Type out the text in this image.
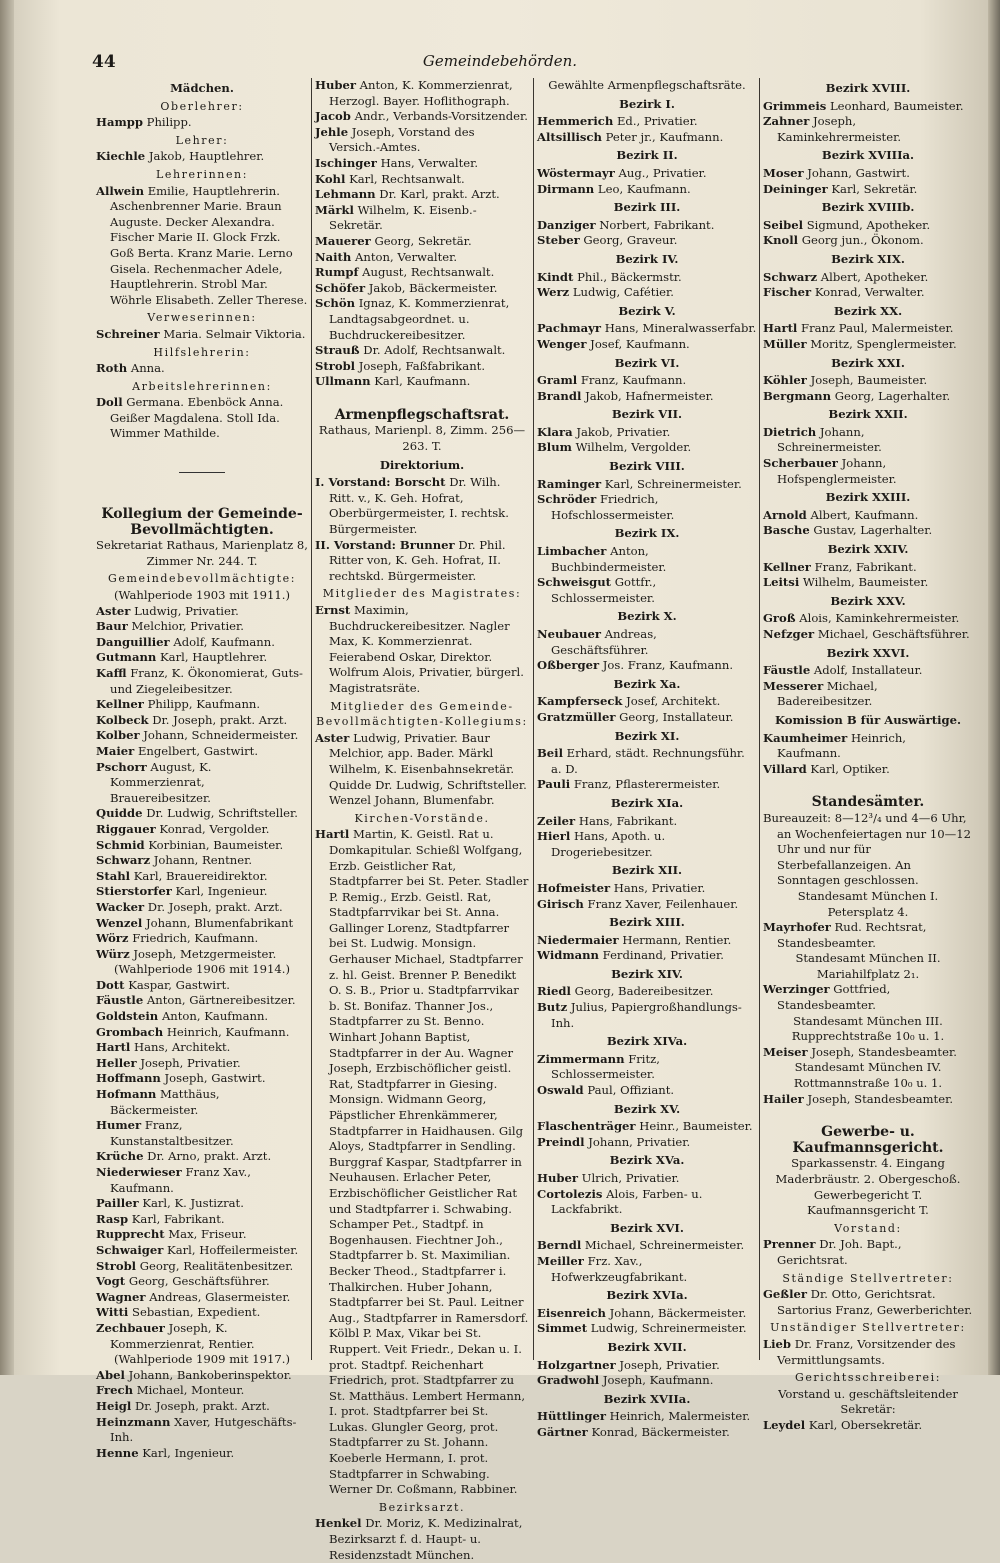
44	Gemeindebehörden.
Mädchen.
Oberlehrer:
Hampp Philipp.
Lehrer:
Kiechle Jakob, Hauptlehrer.
Lehrerinnen:
Allwein Emilie, Hauptlehrerin. Aschenbrenner Marie. Braun Auguste. Decker Alexandra. Fischer Marie II. Glock Frzk. Goß Berta. Kranz Marie. Lerno Gisela. Rechenmacher Adele, Hauptlehrerin. Strobl Mar. Wöhrle Elisabeth. Zeller Therese.
Verweserinnen:
Schreiner Maria. Selmair Viktoria.
Hilfslehrerin:
Roth Anna.
Arbeitslehrerinnen:
Doll Germana. Ebenböck Anna. Geißer Magdalena. Stoll Ida. Wimmer Mathilde.
Kollegium der Gemeinde-Bevollmächtigten.
Sekretariat Rathaus, Marienplatz 8, Zimmer Nr. 244. T.
Gemeindebevollmächtigte:
(Wahlperiode 1903 mit 1911.)
Aster Ludwig, Privatier.
Baur Melchior, Privatier.
Danguillier Adolf, Kaufmann.
Gutmann Karl, Hauptlehrer.
Kaffl Franz, K. Ökonomierat, Guts- und Ziegeleibesitzer.
Kellner Philipp, Kaufmann.
Kolbeck Dr. Joseph, prakt. Arzt.
Kolber Johann, Schneidermeister.
Maier Engelbert, Gastwirt.
Pschorr August, K. Kommerzienrat, Brauereibesitzer.
Quidde Dr. Ludwig, Schriftsteller.
Riggauer Konrad, Vergolder.
Schmid Korbinian, Baumeister.
Schwarz Johann, Rentner.
Stahl Karl, Brauereidirektor.
Stierstorfer Karl, Ingenieur.
Wacker Dr. Joseph, prakt. Arzt.
Wenzel Johann, Blumenfabrikant
Wörz Friedrich, Kaufmann.
Würz Joseph, Metzgermeister.
(Wahlperiode 1906 mit 1914.)
Dott Kaspar, Gastwirt.
Fäustle Anton, Gärtnereibesitzer.
Goldstein Anton, Kaufmann.
Grombach Heinrich, Kaufmann.
Hartl Hans, Architekt.
Heller Joseph, Privatier.
Hoffmann Joseph, Gastwirt.
Hofmann Matthäus, Bäckermeister.
Humer Franz, Kunstanstaltbesitzer.
Krüche Dr. Arno, prakt. Arzt.
Niederwieser Franz Xav., Kaufmann.
Pailler Karl, K. Justizrat.
Rasp Karl, Fabrikant.
Rupprecht Max, Friseur.
Schwaiger Karl, Hoffeilermeister.
Strobl Georg, Realitätenbesitzer.
Vogt Georg, Geschäftsführer.
Wagner Andreas, Glasermeister.
Witti Sebastian, Expedient.
Zechbauer Joseph, K. Kommerzienrat, Rentier.
(Wahlperiode 1909 mit 1917.)
Abel Johann, Bankoberinspektor.
Frech Michael, Monteur.
Heigl Dr. Joseph, prakt. Arzt.
Heinzmann Xaver, Hutgeschäfts-Inh.
Henne Karl, Ingenieur.
Huber Anton, K. Kommerzienrat, Herzogl. Bayer. Hoflithograph.
Jacob Andr., Verbands-Vorsitzender.
Jehle Joseph, Vorstand des Versich.-Amtes.
Ischinger Hans, Verwalter.
Kohl Karl, Rechtsanwalt.
Lehmann Dr. Karl, prakt. Arzt.
Märkl Wilhelm, K. Eisenb.-Sekretär.
Mauerer Georg, Sekretär.
Naith Anton, Verwalter.
Rumpf August, Rechtsanwalt.
Schöfer Jakob, Bäckermeister.
Schön Ignaz, K. Kommerzienrat, Landtagsabgeordnet. u. Buchdruckereibesitzer.
Strauß Dr. Adolf, Rechtsanwalt.
Strobl Joseph, Faßfabrikant.
Ullmann Karl, Kaufmann.
Armenpflegschaftsrat.
Rathaus, Marienpl. 8, Zimm. 256—263. T.
Direktorium.
I. Vorstand: Borscht Dr. Wilh. Ritt. v., K. Geh. Hofrat, Oberbürgermeister, I. rechtsk. Bürgermeister.
II. Vorstand: Brunner Dr. Phil. Ritter von, K. Geh. Hofrat, II. rechtskd. Bürgermeister.
Mitglieder des Magistrates:
Ernst Maximin, Buchdruckereibesitzer. Nagler Max, K. Kommerzienrat. Feierabend Oskar, Direktor. Wolfrum Alois, Privatier, bürgerl. Magistratsräte.
Mitglieder des Gemeinde-Bevollmächtigten-Kollegiums:
Aster Ludwig, Privatier. Baur Melchior, app. Bader. Märkl Wilhelm, K. Eisenbahnsekretär. Quidde Dr. Ludwig, Schriftsteller. Wenzel Johann, Blumenfabr.
Kirchen-Vorstände.
Hartl Martin, K. Geistl. Rat u. Domkapitular. Schießl Wolfgang, Erzb. Geistlicher Rat, Stadtpfarrer bei St. Peter. Stadler P. Remig., Erzb. Geistl. Rat, Stadtpfarrvikar bei St. Anna. Gallinger Lorenz, Stadtpfarrer bei St. Ludwig. Monsign. Gerhauser Michael, Stadtpfarrer z. hl. Geist. Brenner P. Benedikt O. S. B., Prior u. Stadtpfarrvikar b. St. Bonifaz. Thanner Jos., Stadtpfarrer zu St. Benno. Winhart Johann Baptist, Stadtpfarrer in der Au. Wagner Joseph, Erzbischöflicher geistl. Rat, Stadtpfarrer in Giesing. Monsign. Widmann Georg, Päpstlicher Ehrenkämmerer, Stadtpfarrer in Haidhausen. Gilg Aloys, Stadtpfarrer in Sendling. Burggraf Kaspar, Stadtpfarrer in Neuhausen. Erlacher Peter, Erzbischöflicher Geistlicher Rat und Stadtpfarrer i. Schwabing. Schamper Pet., Stadtpf. in Bogenhausen. Fiechtner Joh., Stadtpfarrer b. St. Maximilian. Becker Theod., Stadtpfarrer i. Thalkirchen. Huber Johann, Stadtpfarrer bei St. Paul. Leitner Aug., Stadtpfarrer in Ramersdorf. Kölbl P. Max, Vikar bei St. Ruppert. Veit Friedr., Dekan u. I. prot. Stadtpf. Reichenhart Friedrich, prot. Stadtpfarrer zu St. Matthäus. Lembert Hermann, I. prot. Stadtpfarrer bei St. Lukas. Glungler Georg, prot. Stadtpfarrer zu St. Johann. Koeberle Hermann, I. prot. Stadtpfarrer in Schwabing. Werner Dr. Coßmann, Rabbiner.
Bezirksarzt.
Henkel Dr. Moriz, K. Medizinalrat, Bezirksarzt f. d. Haupt- u. Residenzstadt München.
Gewählte Armenpflegschaftsräte.
Bezirk I.
Hemmerich Ed., Privatier.
Altsillisch Peter jr., Kaufmann.
Bezirk II.
Wöstermayr Aug., Privatier.
Dirmann Leo, Kaufmann.
Bezirk III.
Danziger Norbert, Fabrikant.
Steber Georg, Graveur.
Bezirk IV.
Kindt Phil., Bäckermstr.
Werz Ludwig, Cafétier.
Bezirk V.
Pachmayr Hans, Mineralwasserfabr.
Wenger Josef, Kaufmann.
Bezirk VI.
Graml Franz, Kaufmann.
Brandl Jakob, Hafnermeister.
Bezirk VII.
Klara Jakob, Privatier.
Blum Wilhelm, Vergolder.
Bezirk VIII.
Raminger Karl, Schreinermeister.
Schröder Friedrich, Hofschlossermeister.
Bezirk IX.
Limbacher Anton, Buchbindermeister.
Schweisgut Gottfr., Schlossermeister.
Bezirk X.
Neubauer Andreas, Geschäftsführer.
Oßberger Jos. Franz, Kaufmann.
Bezirk Xa.
Kampferseck Josef, Architekt.
Gratzmüller Georg, Installateur.
Bezirk XI.
Beil Erhard, städt. Rechnungsführ. a. D.
Pauli Franz, Pflasterermeister.
Bezirk XIa.
Zeiler Hans, Fabrikant.
Hierl Hans, Apoth. u. Drogeriebesitzer.
Bezirk XII.
Hofmeister Hans, Privatier.
Girisch Franz Xaver, Feilenhauer.
Bezirk XIII.
Niedermaier Hermann, Rentier.
Widmann Ferdinand, Privatier.
Bezirk XIV.
Riedl Georg, Badereibesitzer.
Butz Julius, Papiergroßhandlungs-Inh.
Bezirk XIVa.
Zimmermann Fritz, Schlossermeister.
Oswald Paul, Offiziant.
Bezirk XV.
Flaschenträger Heinr., Baumeister.
Preindl Johann, Privatier.
Bezirk XVa.
Huber Ulrich, Privatier.
Cortolezis Alois, Farben- u. Lackfabrikt.
Bezirk XVI.
Berndl Michael, Schreinermeister.
Meiller Frz. Xav., Hofwerkzeugfabrikant.
Bezirk XVIa.
Eisenreich Johann, Bäckermeister.
Simmet Ludwig, Schreinermeister.
Bezirk XVII.
Holzgartner Joseph, Privatier.
Gradwohl Joseph, Kaufmann.
Bezirk XVIIa.
Hüttlinger Heinrich, Malermeister.
Gärtner Konrad, Bäckermeister.
Bezirk XVIII.
Grimmeis Leonhard, Baumeister.
Zahner Joseph, Kaminkehrermeister.
Bezirk XVIIIa.
Moser Johann, Gastwirt.
Deininger Karl, Sekretär.
Bezirk XVIIIb.
Seibel Sigmund, Apotheker.
Knoll Georg jun., Ökonom.
Bezirk XIX.
Schwarz Albert, Apotheker.
Fischer Konrad, Verwalter.
Bezirk XX.
Hartl Franz Paul, Malermeister.
Müller Moritz, Spenglermeister.
Bezirk XXI.
Köhler Joseph, Baumeister.
Bergmann Georg, Lagerhalter.
Bezirk XXII.
Dietrich Johann, Schreinermeister.
Scherbauer Johann, Hofspenglermeister.
Bezirk XXIII.
Arnold Albert, Kaufmann.
Basche Gustav, Lagerhalter.
Bezirk XXIV.
Kellner Franz, Fabrikant.
Leitsi Wilhelm, Baumeister.
Bezirk XXV.
Groß Alois, Kaminkehrermeister.
Nefzger Michael, Geschäftsführer.
Bezirk XXVI.
Fäustle Adolf, Installateur.
Messerer Michael, Badereibesitzer.
Komission B für Auswärtige.
Kaumheimer Heinrich, Kaufmann.
Villard Karl, Optiker.
Standesämter.
Bureauzeit: 8—12³/₄ und 4—6 Uhr, an Wochenfeiertagen nur 10—12 Uhr und nur für Sterbefallanzeigen. An Sonntagen geschlossen.
Standesamt München I. Petersplatz 4.
Mayrhofer Rud. Rechtsrat, Standesbeamter.
Standesamt München II. Mariahilfplatz 2₁.
Werzinger Gottfried, Standesbeamter.
Standesamt München III. Rupprechtstraße 10₀ u. 1.
Meiser Joseph, Standesbeamter.
Standesamt München IV. Rottmannstraße 10₀ u. 1.
Hailer Joseph, Standesbeamter.
Gewerbe- u. Kaufmannsgericht.
Sparkassenstr. 4. Eingang Maderbräustr. 2. Obergeschoß.
Gewerbegericht T.
Kaufmannsgericht T.
Vorstand:
Prenner Dr. Joh. Bapt., Gerichtsrat.
Ständige Stellvertreter:
Geßler Dr. Otto, Gerichtsrat. Sartorius Franz, Gewerberichter.
Unständiger Stellvertreter:
Lieb Dr. Franz, Vorsitzender des Vermittlungsamts.
Gerichtsschreiberei:
Vorstand u. geschäftsleitender Sekretär:
Leydel Karl, Obersekretär.
